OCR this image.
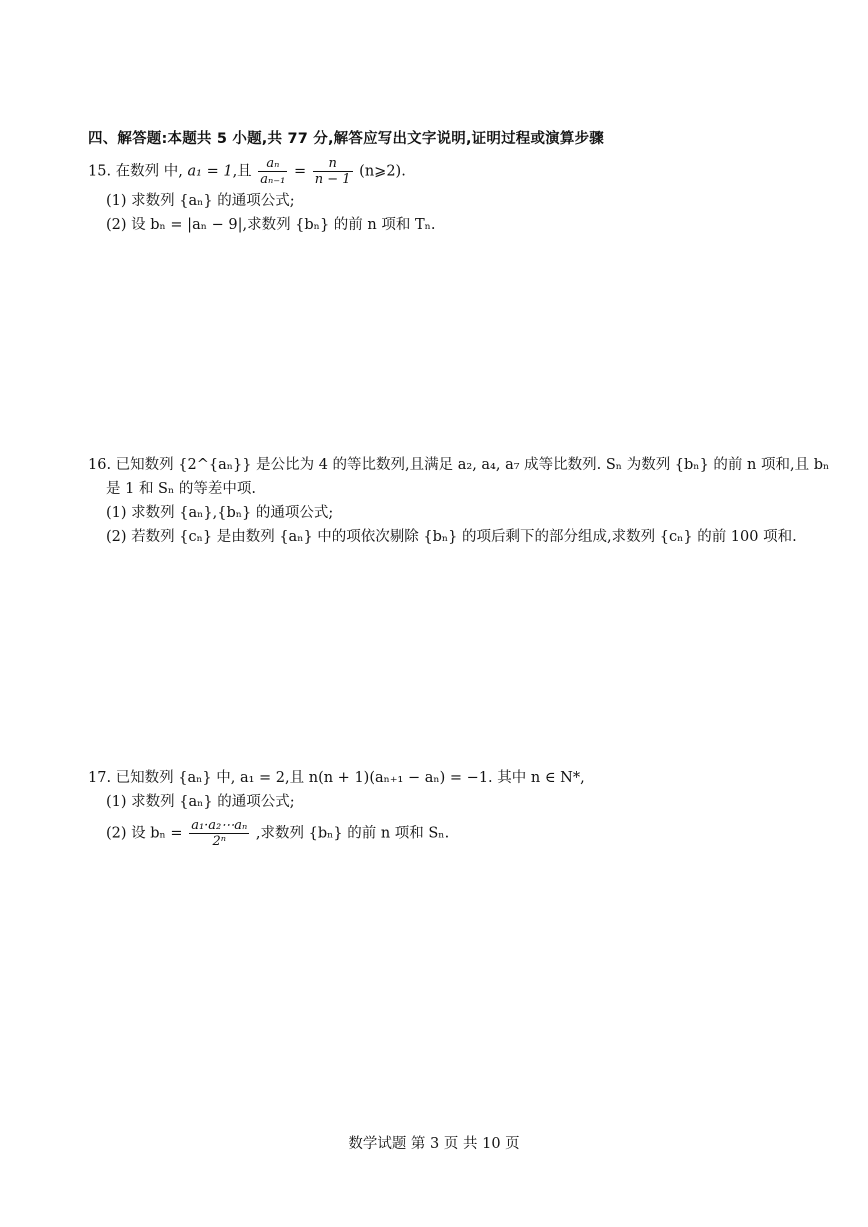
四、解答题:本题共 5 小题,共 77 分,解答应写出文字说明,证明过程或演算步骤
15. 在数列 中, a₁ = 1,且 $\frac{\text{aₙ}}{\text{aₙ₋₁}} = \frac{n}{n - 1}$ (n⩾2).
(1) 求数列 {aₙ} 的通项公式;
(2) 设 bₙ = |aₙ − 9|,求数列 {bₙ} 的前 n 项和 Tₙ.
16. 已知数列 {2^{aₙ}} 是公比为 4 的等比数列,且满足 a₂, a₄, a₇ 成等比数列. Sₙ 为数列 {bₙ} 的前 n 项和,且 bₙ
是 1 和 Sₙ 的等差中项.
(1) 求数列 {aₙ},{bₙ} 的通项公式;
(2) 若数列 {cₙ} 是由数列 {aₙ} 中的项依次剔除 {bₙ} 的项后剩下的部分组成,求数列 {cₙ} 的前 100 项和.
17. 已知数列 {aₙ} 中, a₁ = 2,且 n(n + 1)(aₙ₊₁ − aₙ) = −1. 其中 n ∈ N*,
(1) 求数列 {aₙ} 的通项公式;
(2) 设 $b_n = \frac{\text{a₁·a₂⋯aₙ}}{\text{2ⁿ}}$ ,求数列 {bₙ} 的前 n 项和 Sₙ.
数学试题 第 3 页 共 10 页
